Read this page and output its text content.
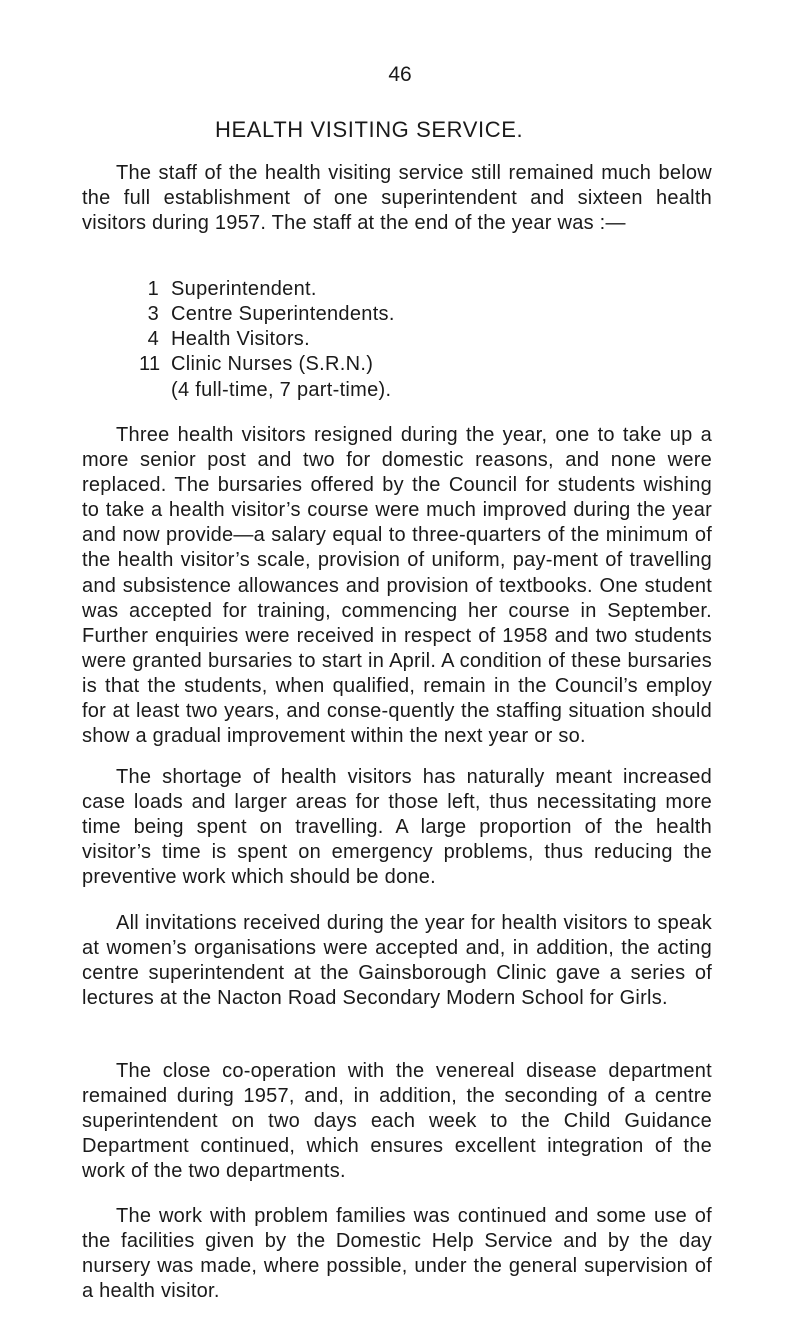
46
HEALTH VISITING SERVICE.

The staff of the health visiting service still remained much below the full establishment of one superintendent and sixteen health visitors during 1957. The staff at the end of the year was :—

1 Superintendent.
3 Centre Superintendents.
4 Health Visitors.
11 Clinic Nurses (S.R.N.)
(4 full-time, 7 part-time).

Three health visitors resigned during the year, one to take up a more senior post and two for domestic reasons, and none were replaced. The bursaries offered by the Council for students wishing to take a health visitor’s course were much improved during the year and now provide—a salary equal to three-quarters of the minimum of the health visitor’s scale, provision of uniform, pay-ment of travelling and subsistence allowances and provision of textbooks. One student was accepted for training, commencing her course in September. Further enquiries were received in respect of 1958 and two students were granted bursaries to start in April. A condition of these bursaries is that the students, when qualified, remain in the Council’s employ for at least two years, and conse-quently the staffing situation should show a gradual improvement within the next year or so.

The shortage of health visitors has naturally meant increased case loads and larger areas for those left, thus necessitating more time being spent on travelling. A large proportion of the health visitor’s time is spent on emergency problems, thus reducing the preventive work which should be done.

All invitations received during the year for health visitors to speak at women’s organisations were accepted and, in addition, the acting centre superintendent at the Gainsborough Clinic gave a series of lectures at the Nacton Road Secondary Modern School for Girls.

The close co-operation with the venereal disease department remained during 1957, and, in addition, the seconding of a centre superintendent on two days each week to the Child Guidance Department continued, which ensures excellent integration of the work of the two departments.

The work with problem families was continued and some use of the facilities given by the Domestic Help Service and by the day nursery was made, where possible, under the general supervision of a health visitor.
